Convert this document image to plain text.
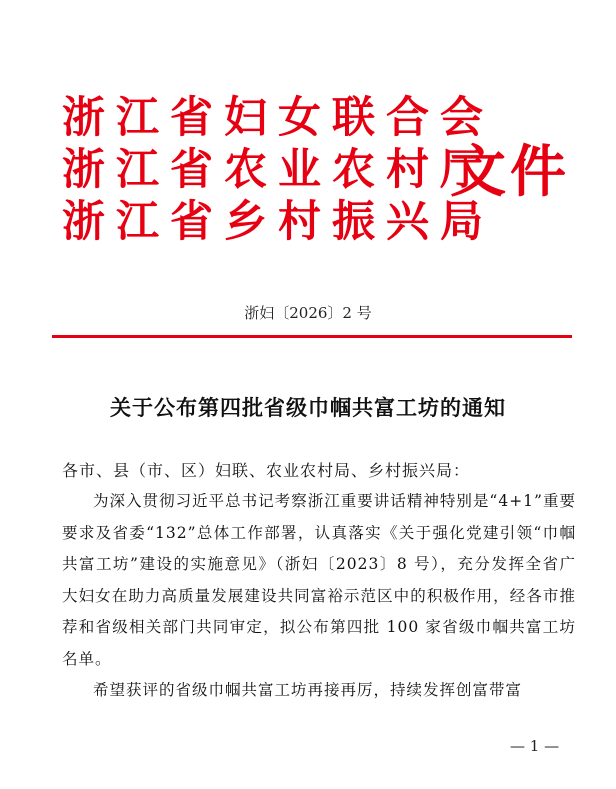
浙江省妇女联合会
浙江省农业农村厅
浙江省乡村振兴局
文件
浙妇〔2026〕2 号
关于公布第四批省级巾帼共富工坊的通知
各市、县（市、区）妇联、农业农村局、乡村振兴局：
为深入贯彻习近平总书记考察浙江重要讲话精神特别是“4+1”重要要求及省委“132”总体工作部署，认真落实《关于强化党建引领“巾帼共富工坊”建设的实施意见》（浙妇〔2023〕8 号），充分发挥全省广大妇女在助力高质量发展建设共同富裕示范区中的积极作用，经各市推荐和省级相关部门共同审定，拟公布第四批 100 家省级巾帼共富工坊名单。
希望获评的省级巾帼共富工坊再接再厉，持续发挥创富带富
— 1 —
